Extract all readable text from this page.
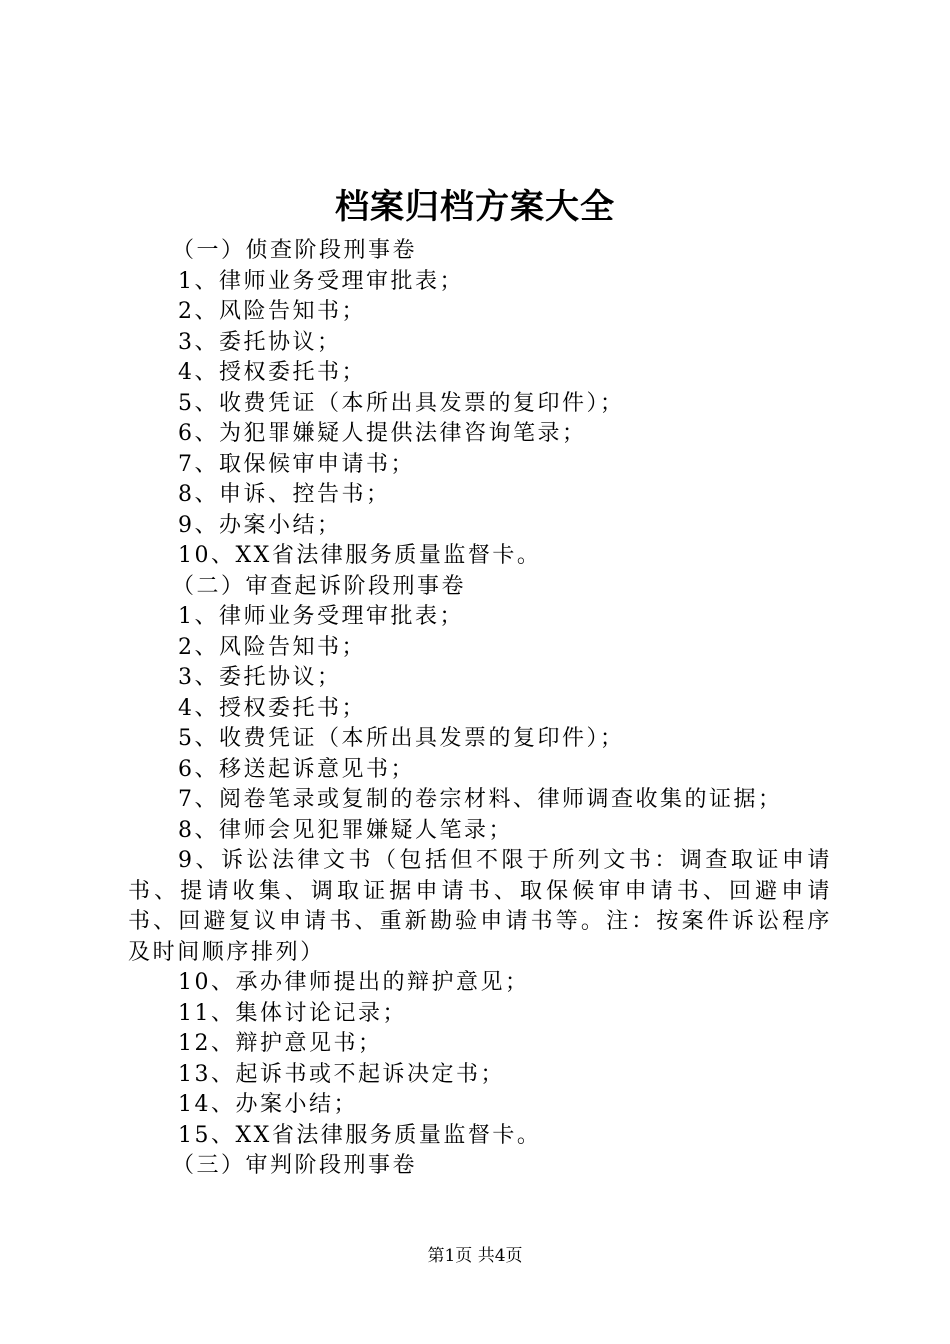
档案归档方案大全
（一）侦查阶段刑事卷
1、律师业务受理审批表；
2、风险告知书；
3、委托协议；
4、授权委托书；
5、收费凭证（本所出具发票的复印件）；
6、为犯罪嫌疑人提供法律咨询笔录；
7、取保候审申请书；
8、申诉、控告书；
9、办案小结；
10、XX省法律服务质量监督卡。
（二）审查起诉阶段刑事卷
1、律师业务受理审批表；
2、风险告知书；
3、委托协议；
4、授权委托书；
5、收费凭证（本所出具发票的复印件）；
6、移送起诉意见书；
7、阅卷笔录或复制的卷宗材料、律师调查收集的证据；
8、律师会见犯罪嫌疑人笔录；
9、诉讼法律文书（包括但不限于所列文书：调查取证申请书、提请收集、调取证据申请书、取保候审申请书、回避申请书、回避复议申请书、重新勘验申请书等。注：按案件诉讼程序及时间顺序排列）
10、承办律师提出的辩护意见；
11、集体讨论记录；
12、辩护意见书；
13、起诉书或不起诉决定书；
14、办案小结；
15、XX省法律服务质量监督卡。
（三）审判阶段刑事卷
第1页 共4页
